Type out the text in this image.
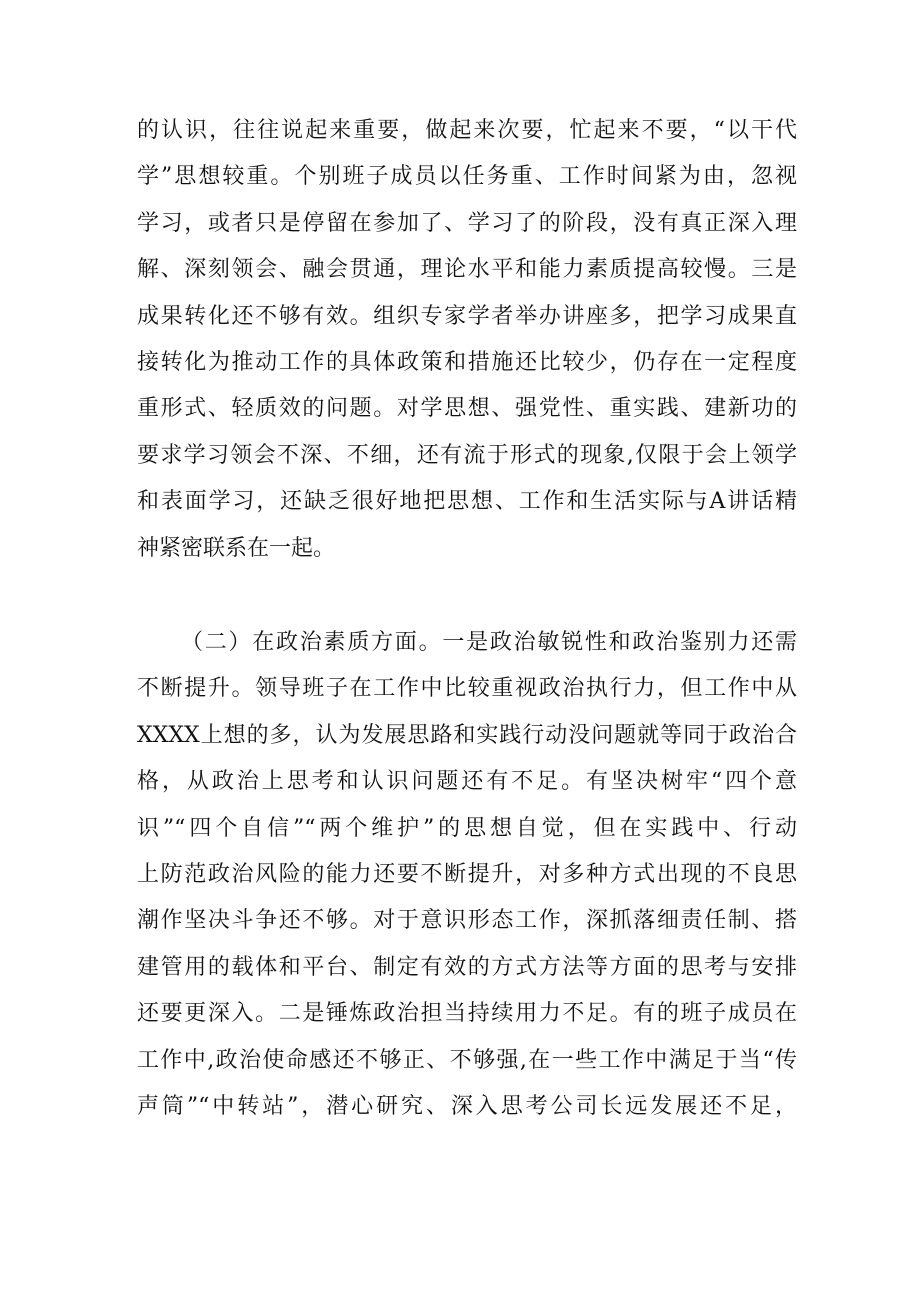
的认识，往往说起来重要，做起来次要，忙起来不要，“以干代
学”思想较重。个别班子成员以任务重、工作时间紧为由，忽视
学习，或者只是停留在参加了、学习了的阶段，没有真正深入理
解、深刻领会、融会贯通，理论水平和能力素质提高较慢。三是
成果转化还不够有效。组织专家学者举办讲座多，把学习成果直
接转化为推动工作的具体政策和措施还比较少，仍存在一定程度
重形式、轻质效的问题。对学思想、强党性、重实践、建新功的
要求学习领会不深、不细，还有流于形式的现象,仅限于会上领学
和表面学习，还缺乏很好地把思想、工作和生活实际与A讲话精
神紧密联系在一起。
（二）在政治素质方面。一是政治敏锐性和政治鉴别力还需
不断提升。领导班子在工作中比较重视政治执行力，但工作中从
XXXX上想的多，认为发展思路和实践行动没问题就等同于政治合
格，从政治上思考和认识问题还有不足。有坚决树牢“四个意
识”“四个自信”“两个维护”的思想自觉，但在实践中、行动
上防范政治风险的能力还要不断提升，对多种方式出现的不良思
潮作坚决斗争还不够。对于意识形态工作，深抓落细责任制、搭
建管用的载体和平台、制定有效的方式方法等方面的思考与安排
还要更深入。二是锤炼政治担当持续用力不足。有的班子成员在
工作中,政治使命感还不够正、不够强,在一些工作中满足于当“传
声筒”“中转站”，潜心研究、深入思考公司长远发展还不足，
